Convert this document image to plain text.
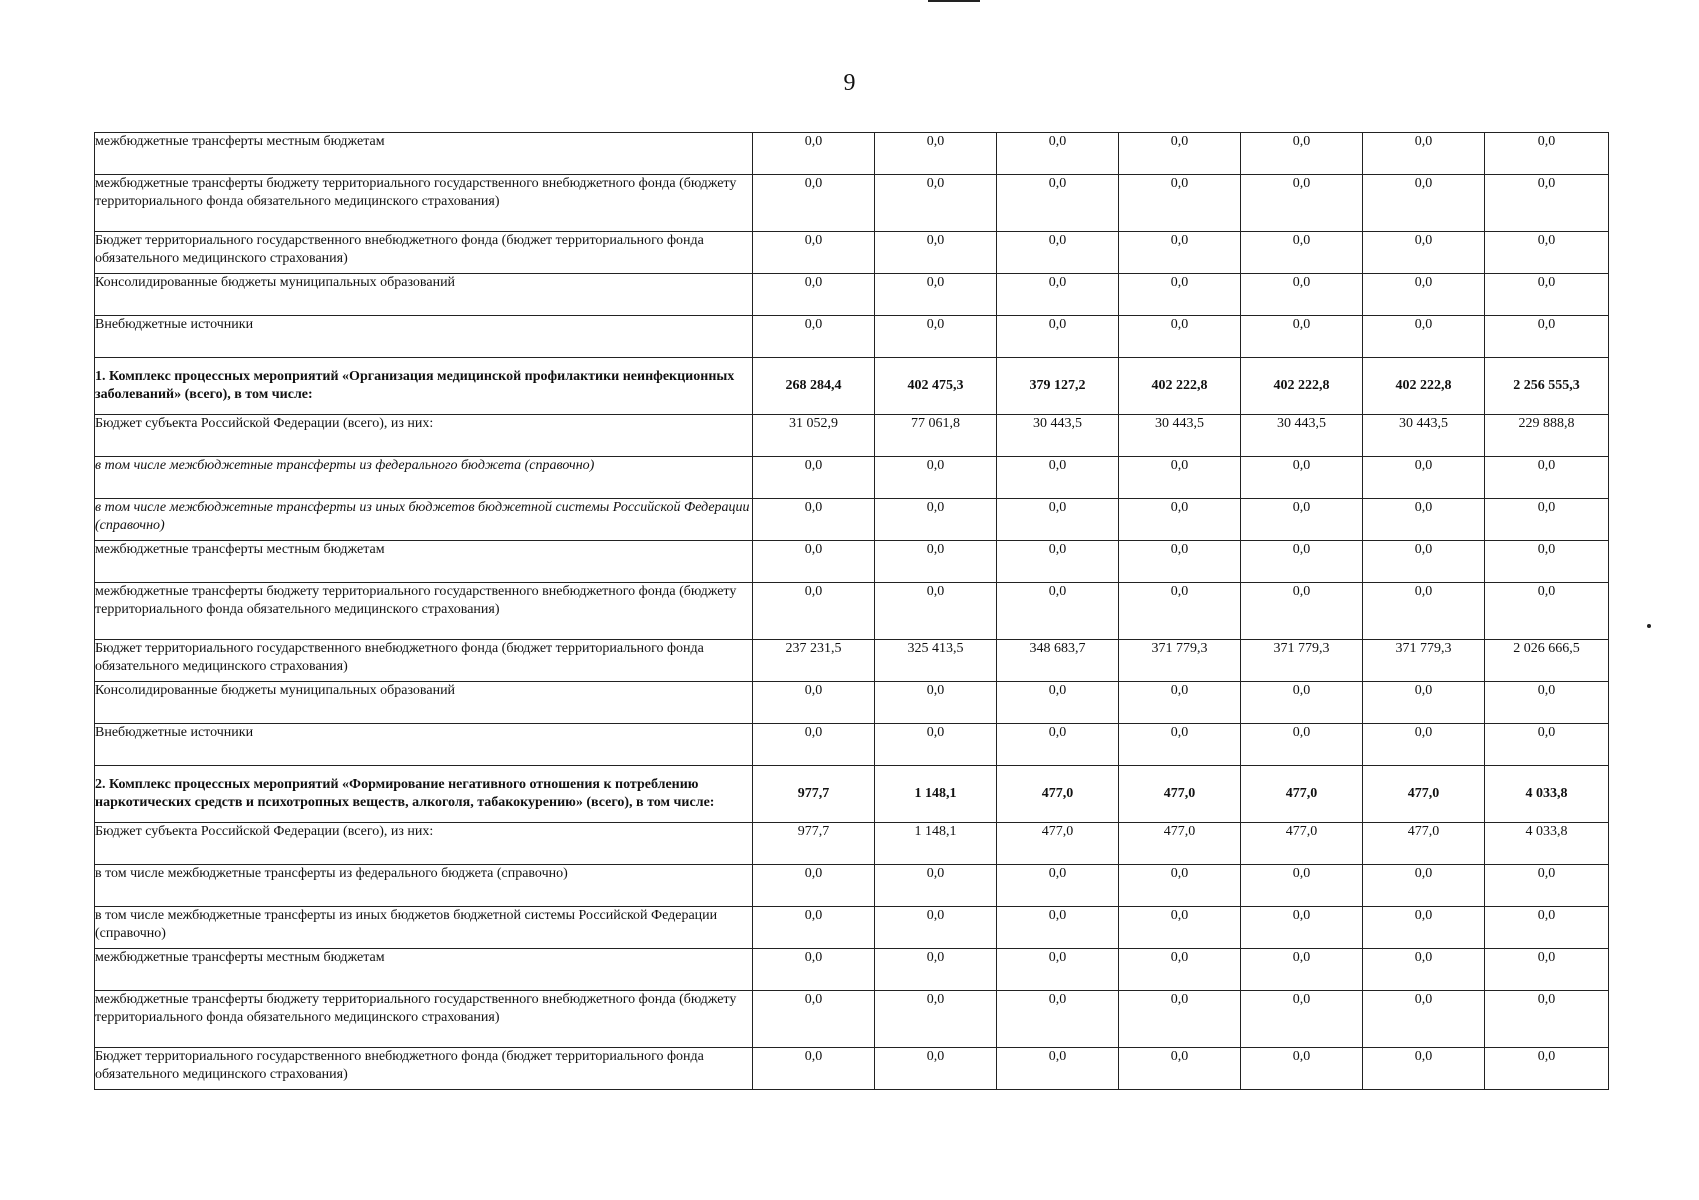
9
межбюджетные трансферты местным бюджетам	0,0	0,0	0,0	0,0	0,0	0,0	0,0
межбюджетные трансферты бюджету территориального государственного внебюджетного фонда (бюджету территориального фонда обязательного медицинского страхования)	0,0	0,0	0,0	0,0	0,0	0,0	0,0
Бюджет территориального государственного внебюджетного фонда (бюджет территориального фонда обязательного медицинского страхования)	0,0	0,0	0,0	0,0	0,0	0,0	0,0
Консолидированные бюджеты муниципальных образований	0,0	0,0	0,0	0,0	0,0	0,0	0,0
Внебюджетные источники	0,0	0,0	0,0	0,0	0,0	0,0	0,0
1. Комплекс процессных мероприятий «Организация медицинской профилактики неинфекционных заболеваний» (всего), в том числе:	268 284,4	402 475,3	379 127,2	402 222,8	402 222,8	402 222,8	2 256 555,3
Бюджет субъекта Российской Федерации (всего), из них:	31 052,9	77 061,8	30 443,5	30 443,5	30 443,5	30 443,5	229 888,8
в том числе межбюджетные трансферты из федерального бюджета (справочно)	0,0	0,0	0,0	0,0	0,0	0,0	0,0
в том числе межбюджетные трансферты из иных бюджетов бюджетной системы Российской Федерации (справочно)	0,0	0,0	0,0	0,0	0,0	0,0	0,0
межбюджетные трансферты местным бюджетам	0,0	0,0	0,0	0,0	0,0	0,0	0,0
межбюджетные трансферты бюджету территориального государственного внебюджетного фонда (бюджету территориального фонда обязательного медицинского страхования)	0,0	0,0	0,0	0,0	0,0	0,0	0,0
Бюджет территориального государственного внебюджетного фонда (бюджет территориального фонда обязательного медицинского страхования)	237 231,5	325 413,5	348 683,7	371 779,3	371 779,3	371 779,3	2 026 666,5
Консолидированные бюджеты муниципальных образований	0,0	0,0	0,0	0,0	0,0	0,0	0,0
Внебюджетные источники	0,0	0,0	0,0	0,0	0,0	0,0	0,0
2. Комплекс процессных мероприятий «Формирование негативного отношения к потреблению наркотических средств и психотропных веществ, алкоголя, табакокурению» (всего), в том числе:	977,7	1 148,1	477,0	477,0	477,0	477,0	4 033,8
Бюджет субъекта Российской Федерации (всего), из них:	977,7	1 148,1	477,0	477,0	477,0	477,0	4 033,8
в том числе межбюджетные трансферты из федерального бюджета (справочно)	0,0	0,0	0,0	0,0	0,0	0,0	0,0
в том числе межбюджетные трансферты из иных бюджетов бюджетной системы Российской Федерации (справочно)	0,0	0,0	0,0	0,0	0,0	0,0	0,0
межбюджетные трансферты местным бюджетам	0,0	0,0	0,0	0,0	0,0	0,0	0,0
межбюджетные трансферты бюджету территориального государственного внебюджетного фонда (бюджету территориального фонда обязательного медицинского страхования)	0,0	0,0	0,0	0,0	0,0	0,0	0,0
Бюджет территориального государственного внебюджетного фонда (бюджет территориального фонда обязательного медицинского страхования)	0,0	0,0	0,0	0,0	0,0	0,0	0,0
